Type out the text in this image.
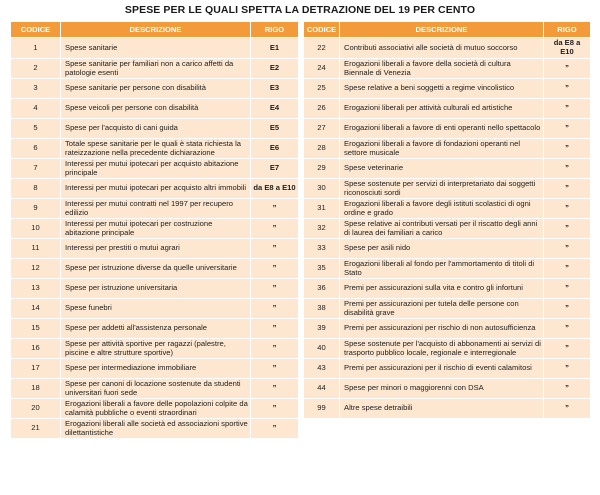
SPESE PER LE QUALI SPETTA LA DETRAZIONE DEL 19 PER CENTO
CODICE	DESCRIZIONE	RIGO
1	Spese sanitarie	E1
2	Spese sanitarie per familiari non a carico affetti da patologie esenti	E2
3	Spese sanitarie per persone con disabilità	E3
4	Spese veicoli per persone con disabilità	E4
5	Spese per l'acquisto di cani guida	E5
6	Totale spese sanitarie per le quali è stata richiesta la rateizzazione nella precedente dichiarazione	E6
7	Interessi per mutui ipotecari per acquisto abitazione principale	E7
8	Interessi per mutui ipotecari per acquisto altri immobili	da E8 a E10
9	Interessi per mutui contratti nel 1997 per recupero edilizio	”
10	Interessi per mutui ipotecari per costruzione abitazione principale	”
11	Interessi per prestiti o mutui agrari	”
12	Spese per istruzione diverse da quelle universitarie	”
13	Spese per istruzione universitaria	”
14	Spese funebri	”
15	Spese per addetti all'assistenza personale	”
16	Spese per attività sportive per ragazzi (palestre, piscine e altre strutture sportive)	”
17	Spese per intermediazione immobiliare	”
18	Spese per canoni di locazione sostenute da studenti universitari fuori sede	”
20	Erogazioni liberali a favore delle popolazioni colpite da calamità pubbliche o eventi straordinari	”
21	Erogazioni liberali alle società ed associazioni sportive dilettantistiche	”
CODICE	DESCRIZIONE	RIGO
22	Contributi associativi alle società di mutuo soccorso	da E8 a E10
24	Erogazioni liberali a favore della società di cultura Biennale di Venezia	”
25	Spese relative a beni soggetti a regime vincolistico	”
26	Erogazioni liberali per attività culturali ed artistiche	”
27	Erogazioni liberali a favore di enti operanti nello spettacolo	”
28	Erogazioni liberali a favore di fondazioni operanti nel settore musicale	”
29	Spese veterinarie	”
30	Spese sostenute per servizi di interpretariato dai soggetti riconosciuti sordi	”
31	Erogazioni liberali a favore degli istituti scolastici di ogni ordine e grado	”
32	Spese relative ai contributi versati per il riscatto degli anni di laurea dei familiari a carico	”
33	Spese per asili nido	”
35	Erogazioni liberali al fondo per l'ammortamento di titoli di Stato	”
36	Premi per assicurazioni sulla vita e contro gli infortuni	”
38	Premi per assicurazioni per tutela delle persone con disabilità grave	”
39	Premi per assicurazioni per rischio di non autosufficienza	”
40	Spese sostenute per l'acquisto di abbonamenti ai servizi di trasporto pubblico locale, regionale e interregionale	”
43	Premi per assicurazioni per il rischio di eventi calamitosi	”
44	Spese per minori o maggiorenni con DSA	”
99	Altre spese detraibili	”
